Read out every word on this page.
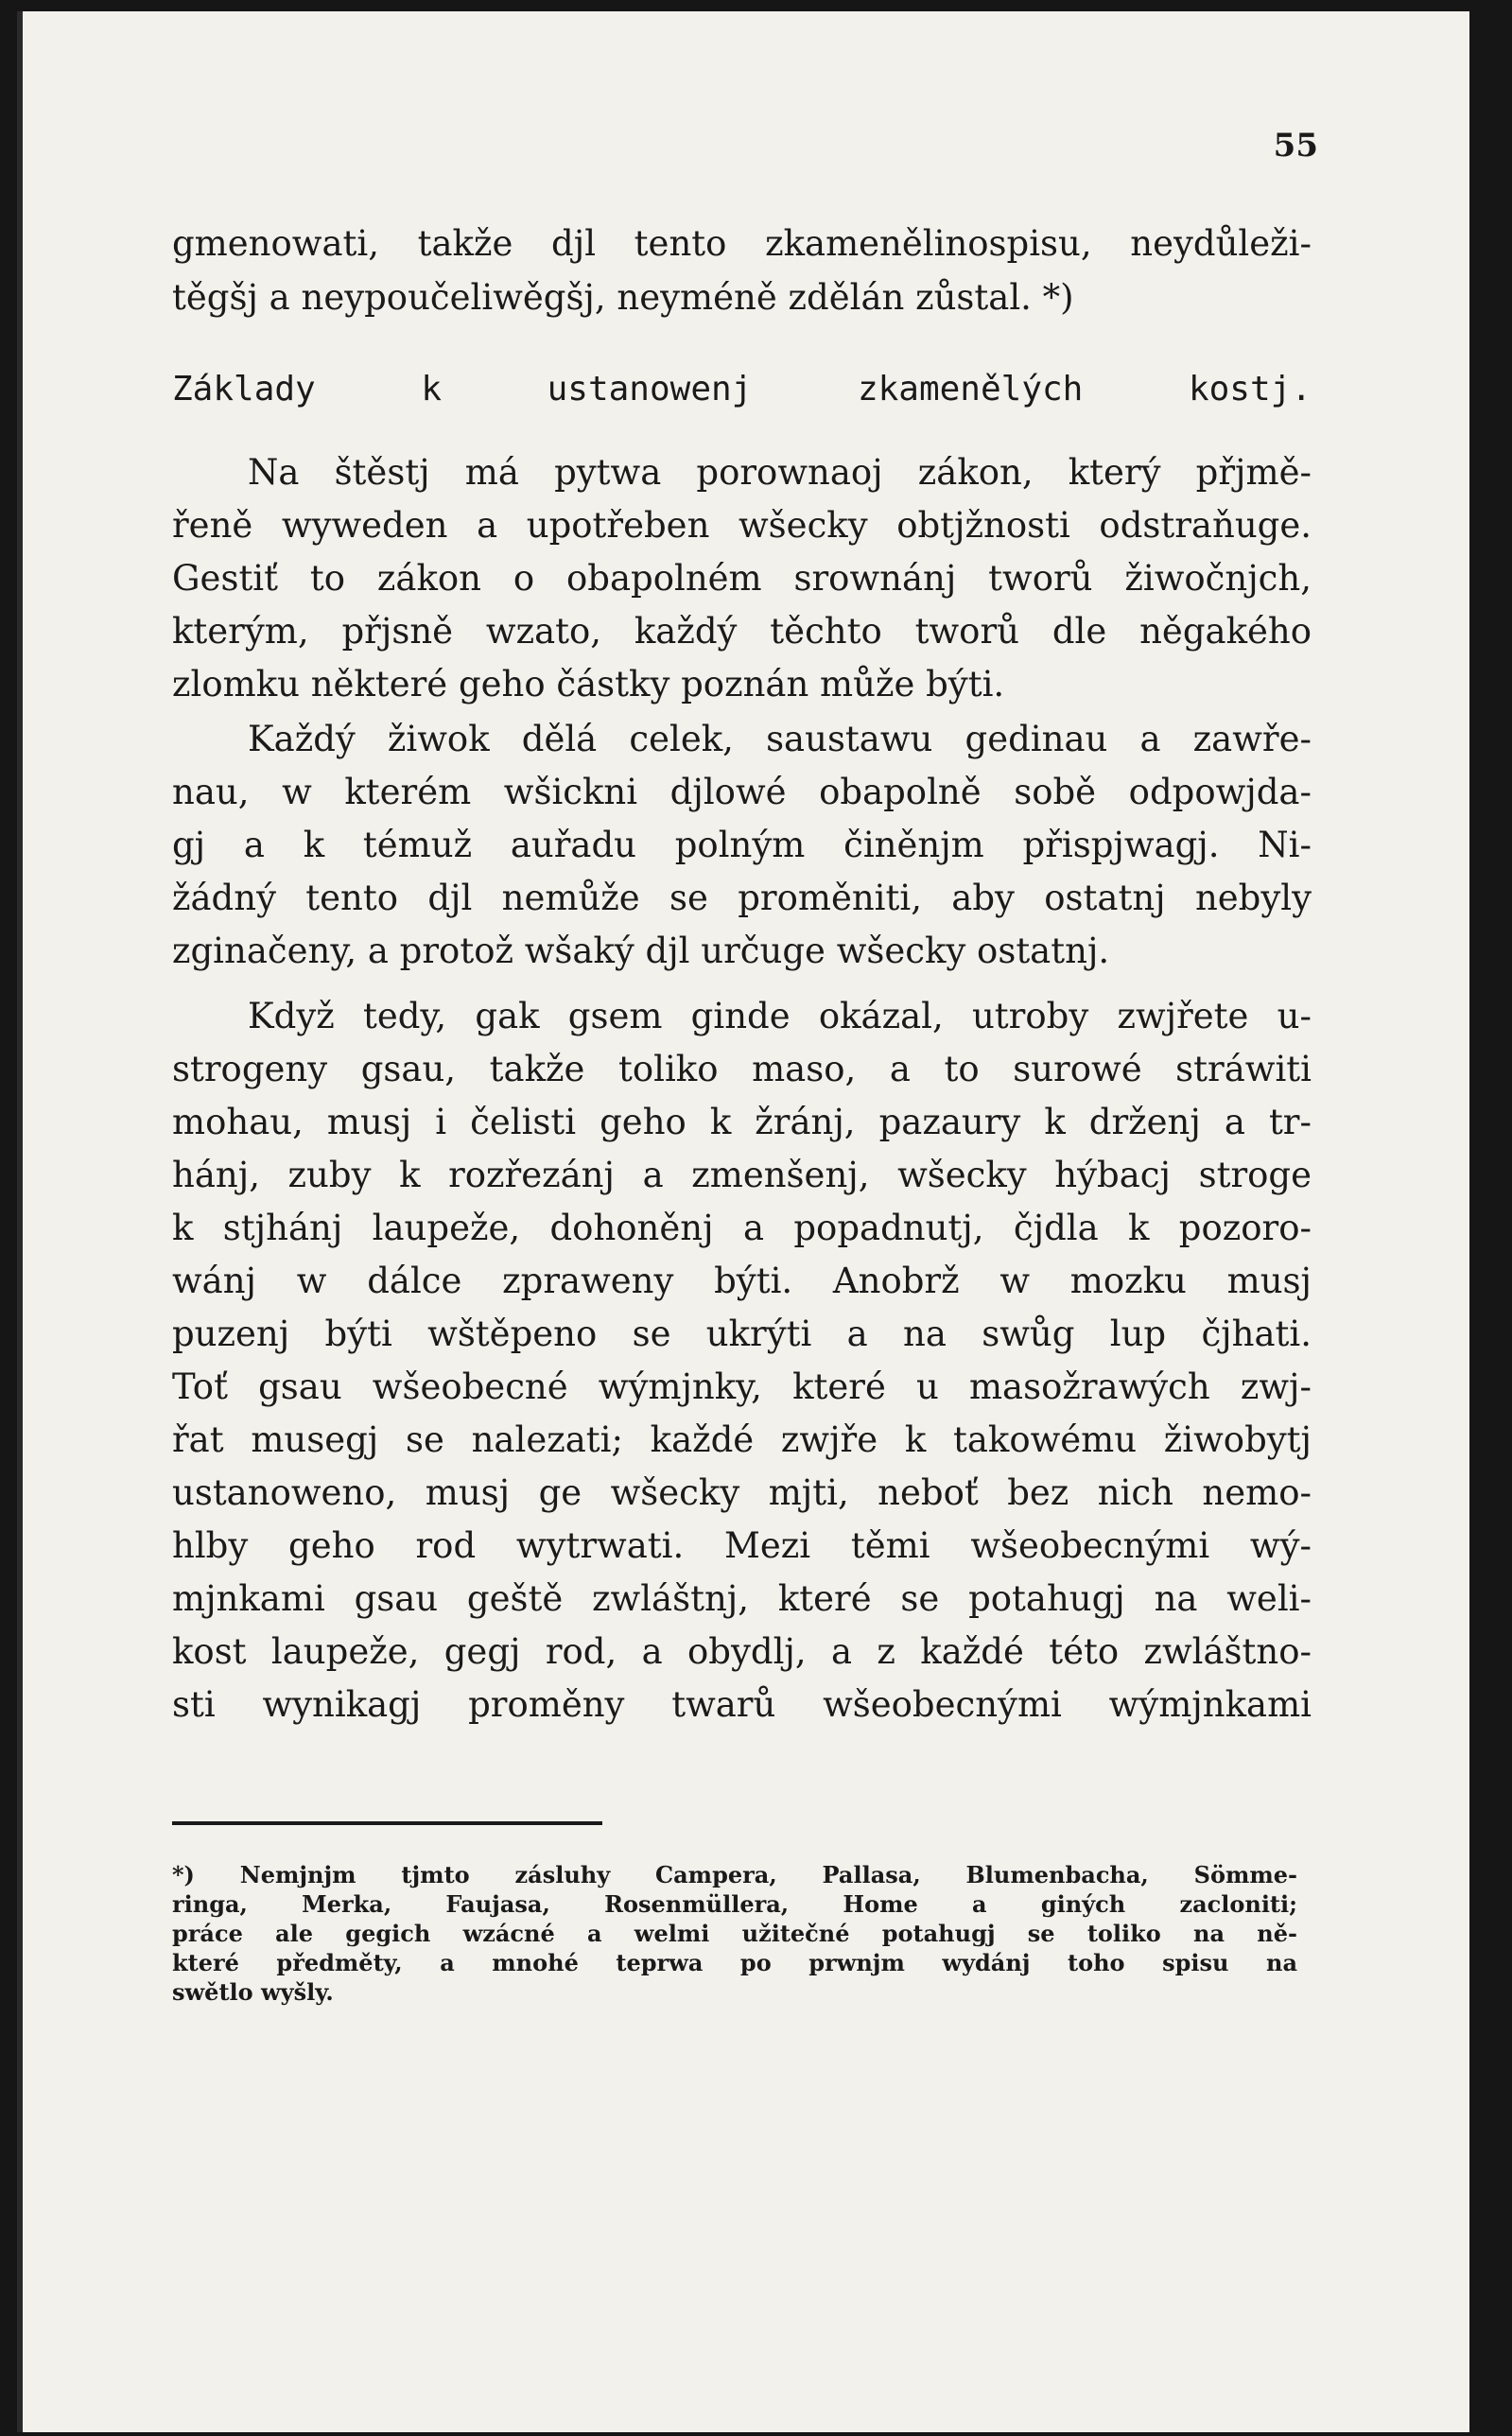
55

gmenowati, takže djl tento zkamenělinospisu, neydůleži-

těgšj a neypoučeliwěgšj, neyméně zdělán zůstal. *)

Základy k ustanowenj zkamenělých kostj.

Na štěstj má pytwa porownaoj zákon, který přjmě-

řeně wyweden a upotřeben wšecky obtjžnosti odstraňuge.

Gestiť to zákon o obapolném srownánj tworů žiwočnjch,

kterým, přjsně wzato, každý těchto tworů dle něgakého

zlomku některé geho částky poznán může býti.

Každý žiwok dělá celek, saustawu gedinau a zawře-

nau, w kterém wšickni djlowé obapolně sobě odpowjda-

gj a k témuž auřadu polným činěnjm přispjwagj. Ni-

žádný tento djl nemůže se proměniti, aby ostatnj nebyly

zginačeny, a protož wšaký djl určuge wšecky ostatnj.

Když tedy, gak gsem ginde okázal, utroby zwjřete u-

strogeny gsau, takže toliko maso, a to surowé stráwiti

mohau, musj i čelisti geho k žránj, pazaury k drženj a tr-

hánj, zuby k rozřezánj a zmenšenj, wšecky hýbacj stroge

k stjhánj laupeže, dohoněnj a popadnutj, čjdla k pozoro-

wánj w dálce zpraweny býti. Anobrž w mozku musj

puzenj býti wštěpeno se ukrýti a na swůg lup čjhati.

Toť gsau wšeobecné wýmjnky, které u masožrawých zwj-

řat musegj se nalezati; každé zwjře k takowému žiwobytj

ustanoweno, musj ge wšecky mjti, neboť bez nich nemo-

hlby geho rod wytrwati. Mezi těmi wšeobecnými wý-

mjnkami gsau geště zwláštnj, které se potahugj na weli-

kost laupeže, gegj rod, a obydlj, a z každé této zwláštno-

sti wynikagj proměny twarů wšeobecnými wýmjnkami

*) Nemjnjm tjmto zásluhy Campera, Pallasa, Blumenbacha, Sömme-

ringa, Merka, Faujasa, Rosenmüllera, Home a giných zacloniti;

práce ale gegich wzácné a welmi užitečné potahugj se toliko na ně-

které předměty, a mnohé teprwa po prwnjm wydánj toho spisu na

swětlo wyšly.
